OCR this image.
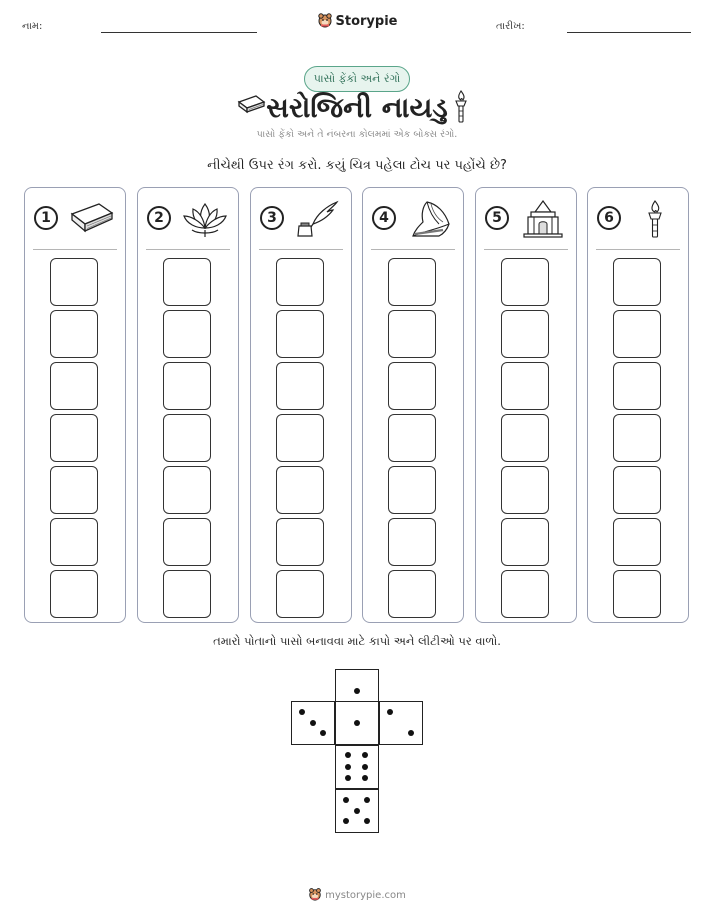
નામ:	Storypie	તારીખ:
પાસો ફેંકો અને રંગો
સરોજિની નાયડુ
પાસો ફેંકો અને તે નંબરના કોલમમાં એક બોક્સ રંગો.
નીચેથી ઉપર રંગ કરો. કયું ચિત્ર પહેલા ટોચ પર પહોંચે છે?
1	2	3	4	5	6
તમારો પોતાનો પાસો બનાવવા માટે કાપો અને લીટીઓ પર વાળો.
mystorypie.com
